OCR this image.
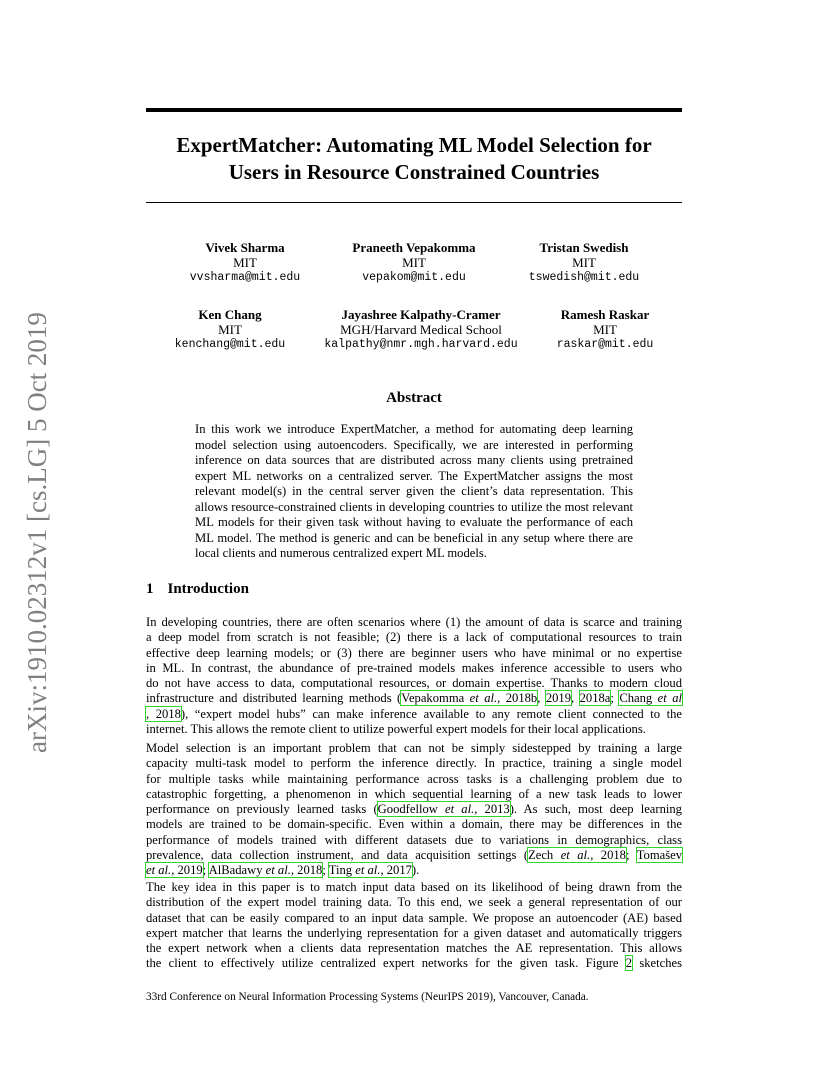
arXiv:1910.02312v1 [cs.LG] 5 Oct 2019
ExpertMatcher: Automating ML Model Selection for
Users in Resource Constrained Countries
Vivek Sharma
MIT
vvsharma@mit.edu
Praneeth Vepakomma
MIT
vepakom@mit.edu
Tristan Swedish
MIT
tswedish@mit.edu
Ken Chang
MIT
kenchang@mit.edu
Jayashree Kalpathy-Cramer
MGH/Harvard Medical School
kalpathy@nmr.mgh.harvard.edu
Ramesh Raskar
MIT
raskar@mit.edu
Abstract
In this work we introduce ExpertMatcher, a method for automating deep learning model selection using autoencoders. Specifically, we are interested in performing inference on data sources that are distributed across many clients using pretrained expert ML networks on a centralized server. The ExpertMatcher assigns the most relevant model(s) in the central server given the client’s data representation. This allows resource-constrained clients in developing countries to utilize the most relevant ML models for their given task without having to evaluate the performance of each ML model. The method is generic and can be beneficial in any setup where there are local clients and numerous centralized expert ML models.
1 Introduction
In developing countries, there are often scenarios where (1) the amount of data is scarce and training
a deep model from scratch is not feasible; (2) there is a lack of computational resources to train
effective deep learning models; or (3) there are beginner users who have minimal or no expertise
in ML. In contrast, the abundance of pre-trained models makes inference accessible to users who
do not have access to data, computational resources, or domain expertise. Thanks to modern cloud
infrastructure and distributed learning methods (Vepakomma et al., 2018b, 2019, 2018a; Chang et al
, 2018), “expert model hubs” can make inference available to any remote client connected to the
internet. This allows the remote client to utilize powerful expert models for their local applications.
Model selection is an important problem that can not be simply sidestepped by training a large
capacity multi-task model to perform the inference directly. In practice, training a single model
for multiple tasks while maintaining performance across tasks is a challenging problem due to
catastrophic forgetting, a phenomenon in which sequential learning of a new task leads to lower
performance on previously learned tasks (Goodfellow et al., 2013). As such, most deep learning
models are trained to be domain-specific. Even within a domain, there may be differences in the
performance of models trained with different datasets due to variations in demographics, class
prevalence, data collection instrument, and data acquisition settings (Zech et al., 2018; Tomašev
et al., 2019; AlBadawy et al., 2018; Ting et al., 2017).
The key idea in this paper is to match input data based on its likelihood of being drawn from the
distribution of the expert model training data. To this end, we seek a general representation of our
dataset that can be easily compared to an input data sample. We propose an autoencoder (AE) based
expert matcher that learns the underlying representation for a given dataset and automatically triggers
the expert network when a clients data representation matches the AE representation. This allows
the client to effectively utilize centralized expert networks for the given task. Figure 2 sketches
33rd Conference on Neural Information Processing Systems (NeurIPS 2019), Vancouver, Canada.
